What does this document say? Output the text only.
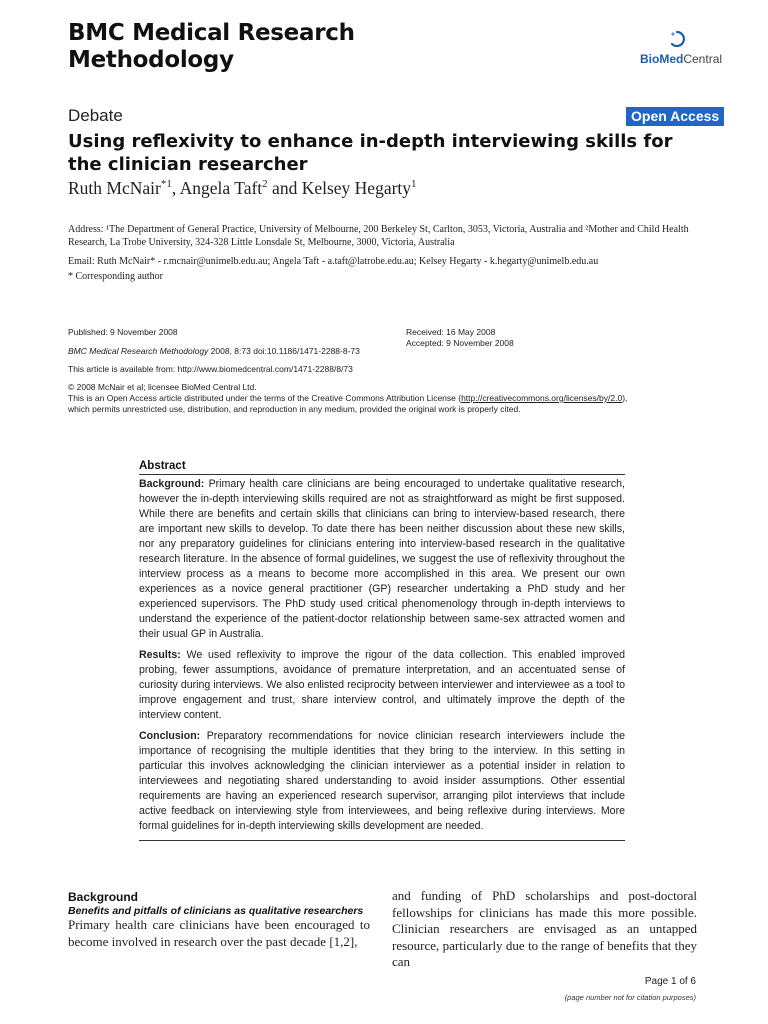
BMC Medical Research Methodology	BioMedCentral
Debate	Open Access
Using reflexivity to enhance in-depth interviewing skills for the clinician researcher
Ruth McNair$^{*1}$, Angela Taft$^2$ and Kelsey Hegarty$^1$
Address: ¹The Department of General Practice, University of Melbourne, 200 Berkeley St, Carlton, 3053, Victoria, Australia and ²Mother and Child Health Research, La Trobe University, 324-328 Little Lonsdale St, Melbourne, 3000, Victoria, Australia
Email: Ruth McNair* - r.mcnair@unimelb.edu.au; Angela Taft - a.taft@latrobe.edu.au; Kelsey Hegarty - k.hegarty@unimelb.edu.au
* Corresponding author
Published: 9 November 2008
BMC Medical Research Methodology 2008, 8:73 doi:10.1186/1471-2288-8-73
This article is available from: http://www.biomedcentral.com/1471-2288/8/73
Received: 16 May 2008
Accepted: 9 November 2008
© 2008 McNair et al; licensee BioMed Central Ltd.
This is an Open Access article distributed under the terms of the Creative Commons Attribution License (http://creativecommons.org/licenses/by/2.0),
which permits unrestricted use, distribution, and reproduction in any medium, provided the original work is properly cited.
Abstract

Background: Primary health care clinicians are being encouraged to undertake qualitative research, however the in-depth interviewing skills required are not as straightforward as might be first supposed. While there are benefits and certain skills that clinicians can bring to interview-based research, there are important new skills to develop. To date there has been neither discussion about these new skills, nor any preparatory guidelines for clinicians entering into interview-based research in the qualitative research literature. In the absence of formal guidelines, we suggest the use of reflexivity throughout the interview process as a means to become more accomplished in this area. We present our own experiences as a novice general practitioner (GP) researcher undertaking a PhD study and her experienced supervisors. The PhD study used critical phenomenology through in-depth interviews to understand the experience of the patient-doctor relationship between same-sex attracted women and their usual GP in Australia.

Results: We used reflexivity to improve the rigour of the data collection. This enabled improved probing, fewer assumptions, avoidance of premature interpretation, and an accentuated sense of curiosity during interviews. We also enlisted reciprocity between interviewer and interviewee as a tool to improve engagement and trust, share interview control, and ultimately improve the depth of the interview content.

Conclusion: Preparatory recommendations for novice clinician research interviewers include the importance of recognising the multiple identities that they bring to the interview. In this setting in particular this involves acknowledging the clinician interviewer as a potential insider in relation to interviewees and negotiating shared understanding to avoid insider assumptions. Other essential requirements are having an experienced research supervisor, arranging pilot interviews that include active feedback on interviewing style from interviewees, and being reflexive during interviews. More formal guidelines for in-depth interviewing skills development are needed.

Background
Benefits and pitfalls of clinicians as qualitative researchers
Primary health care clinicians have been encouraged to become involved in research over the past decade [1,2],
and funding of PhD scholarships and post-doctoral fellowships for clinicians has made this more possible. Clinician researchers are envisaged as an untapped resource, particularly due to the range of benefits that they can
Page 1 of 6
(page number not for citation purposes)
